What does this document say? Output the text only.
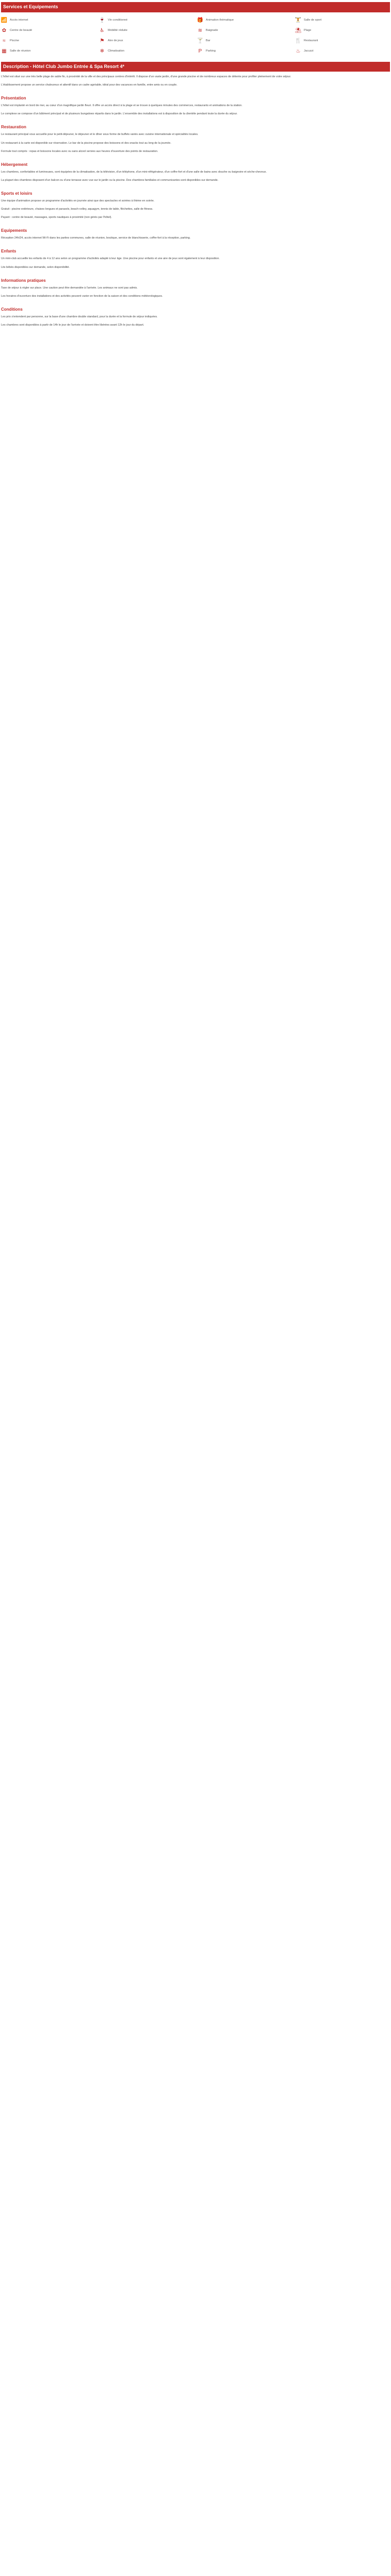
Services et Equipements
📶 Accès internet	🍷 Vin conditionné	🎁 Animation thématique	🏋 Salle de sport
✿	Centre de beauté	♿ Mobilité réduite	≋	Baignade	⛱ Plage
≈	Piscine	⚑ Aire de jeux	🍸 Bar	🍴 Restaurant
▦ Salle de réunion	❄	Climatisation	P	Parking	♨ Jacuzzi
Description - Hôtel Club Jumbo Entrée & Spa Resort 4*

L'hôtel est situé sur une très belle plage de sable fin, à proximité de la ville et des principaux centres d'intérêt. Il dispose d'un vaste jardin, d'une grande piscine et de nombreux espaces de détente pour profiter pleinement de votre séjour.

L'établissement propose un service chaleureux et attentif dans un cadre agréable, idéal pour des vacances en famille, entre amis ou en couple.

Présentation

L'hôtel est implanté en bord de mer, au cœur d'un magnifique jardin fleuri. Il offre un accès direct à la plage et se trouve à quelques minutes des commerces, restaurants et animations de la station.

Le complexe se compose d'un bâtiment principal et de plusieurs bungalows répartis dans le jardin. L'ensemble des installations est à disposition de la clientèle pendant toute la durée du séjour.

Restauration

Le restaurant principal vous accueille pour le petit-déjeuner, le déjeuner et le dîner sous forme de buffets variés avec cuisine internationale et spécialités locales.

Un restaurant à la carte est disponible sur réservation. Le bar de la piscine propose des boissons et des snacks tout au long de la journée.

Formule tout compris : repas et boissons locales avec ou sans alcool servies aux heures d'ouverture des points de restauration.

Hébergement

Les chambres, confortables et lumineuses, sont équipées de la climatisation, de la télévision, d'un téléphone, d'un mini-réfrigérateur, d'un coffre-fort et d'une salle de bains avec douche ou baignoire et sèche-cheveux.

La plupart des chambres disposent d'un balcon ou d'une terrasse avec vue sur le jardin ou la piscine. Des chambres familiales et communicantes sont disponibles sur demande.

Sports et loisirs

Une équipe d'animation propose un programme d'activités en journée ainsi que des spectacles et soirées à thème en soirée.

Gratuit : piscine extérieure, chaises longues et parasols, beach-volley, aquagym, tennis de table, fléchettes, salle de fitness.

Payant : centre de beauté, massages, sports nautiques à proximité (non gérés par l'hôtel).

Equipements

Réception 24h/24, accès internet Wi-Fi dans les parties communes, salle de réunion, boutique, service de blanchisserie, coffre-fort à la réception, parking.

Enfants

Un mini-club accueille les enfants de 4 à 12 ans selon un programme d'activités adapté à leur âge. Une piscine pour enfants et une aire de jeux sont également à leur disposition.

Lits bébés disponibles sur demande, selon disponibilité.

Informations pratiques

Taxe de séjour à régler sur place. Une caution peut être demandée à l'arrivée. Les animaux ne sont pas admis.

Les horaires d'ouverture des installations et des activités peuvent varier en fonction de la saison et des conditions météorologiques.

Conditions

Les prix s'entendent par personne, sur la base d'une chambre double standard, pour la durée et la formule de séjour indiquées.

Les chambres sont disponibles à partir de 14h le jour de l'arrivée et doivent être libérées avant 12h le jour du départ.
